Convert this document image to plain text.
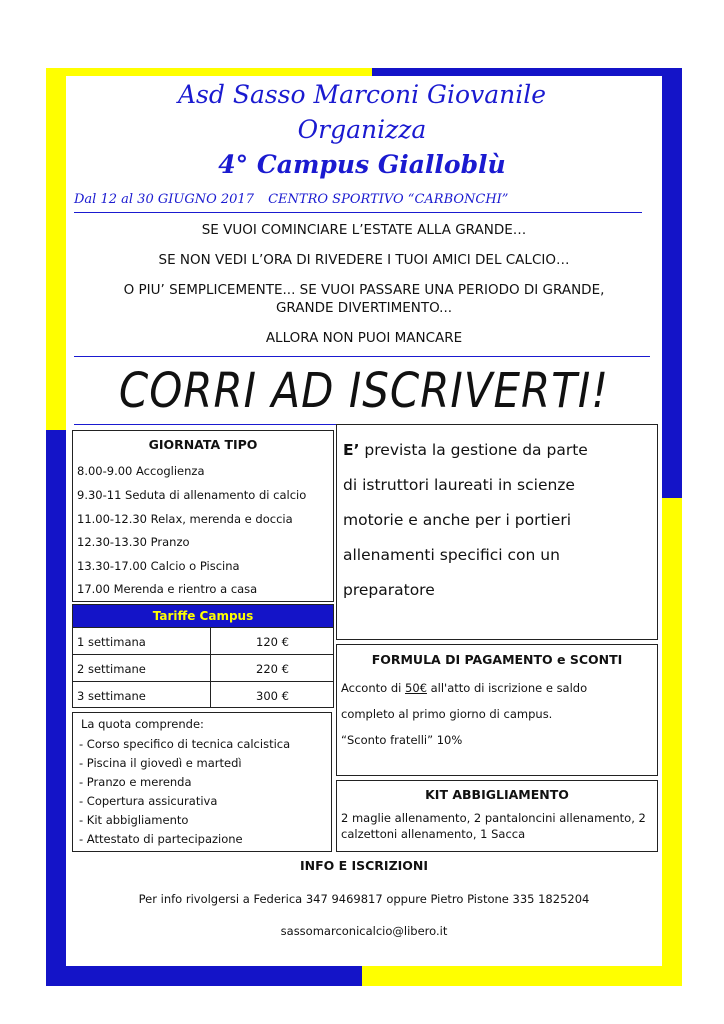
Asd Sasso Marconi Giovanile
Organizza
4° Campus Gialloblù
Dal 12 al 30 GIUGNO 2017 CENTRO SPORTIVO “CARBONCHI”
SE VUOI COMINCIARE L’ESTATE ALLA GRANDE…
SE NON VEDI L’ORA DI RIVEDERE I TUOI AMICI DEL CALCIO…
O PIU’ SEMPLICEMENTE... SE VUOI PASSARE UNA PERIODO DI GRANDE,
GRANDE DIVERTIMENTO...
ALLORA NON PUOI MANCARE
CORRI AD ISCRIVERTI!
GIORNATA TIPO
8.00-9.00 Accoglienza
9.30-11 Seduta di allenamento di calcio
11.00-12.30 Relax, merenda e doccia
12.30-13.30 Pranzo
13.30-17.00 Calcio o Piscina
17.00 Merenda e rientro a casa
E’ prevista la gestione da parte
di istruttori laureati in scienze
motorie e anche per i portieri
allenamenti specifici con un
preparatore
Tariffe Campus
1 settimana	120 €
2 settimane	220 €
3 settimane	300 €
FORMULA DI PAGAMENTO e SCONTI
Acconto di 50€ all'atto di iscrizione e saldo
completo al primo giorno di campus.
“Sconto fratelli” 10%
La quota comprende:
- Corso specifico di tecnica calcistica
- Piscina il giovedì e martedì
- Pranzo e merenda
- Copertura assicurativa
- Kit abbigliamento
- Attestato di partecipazione
KIT ABBIGLIAMENTO
2 maglie allenamento, 2 pantaloncini allenamento, 2
calzettoni allenamento, 1 Sacca
INFO E ISCRIZIONI
Per info rivolgersi a Federica 347 9469817 oppure Pietro Pistone 335 1825204
sassomarconicalcio@libero.it
